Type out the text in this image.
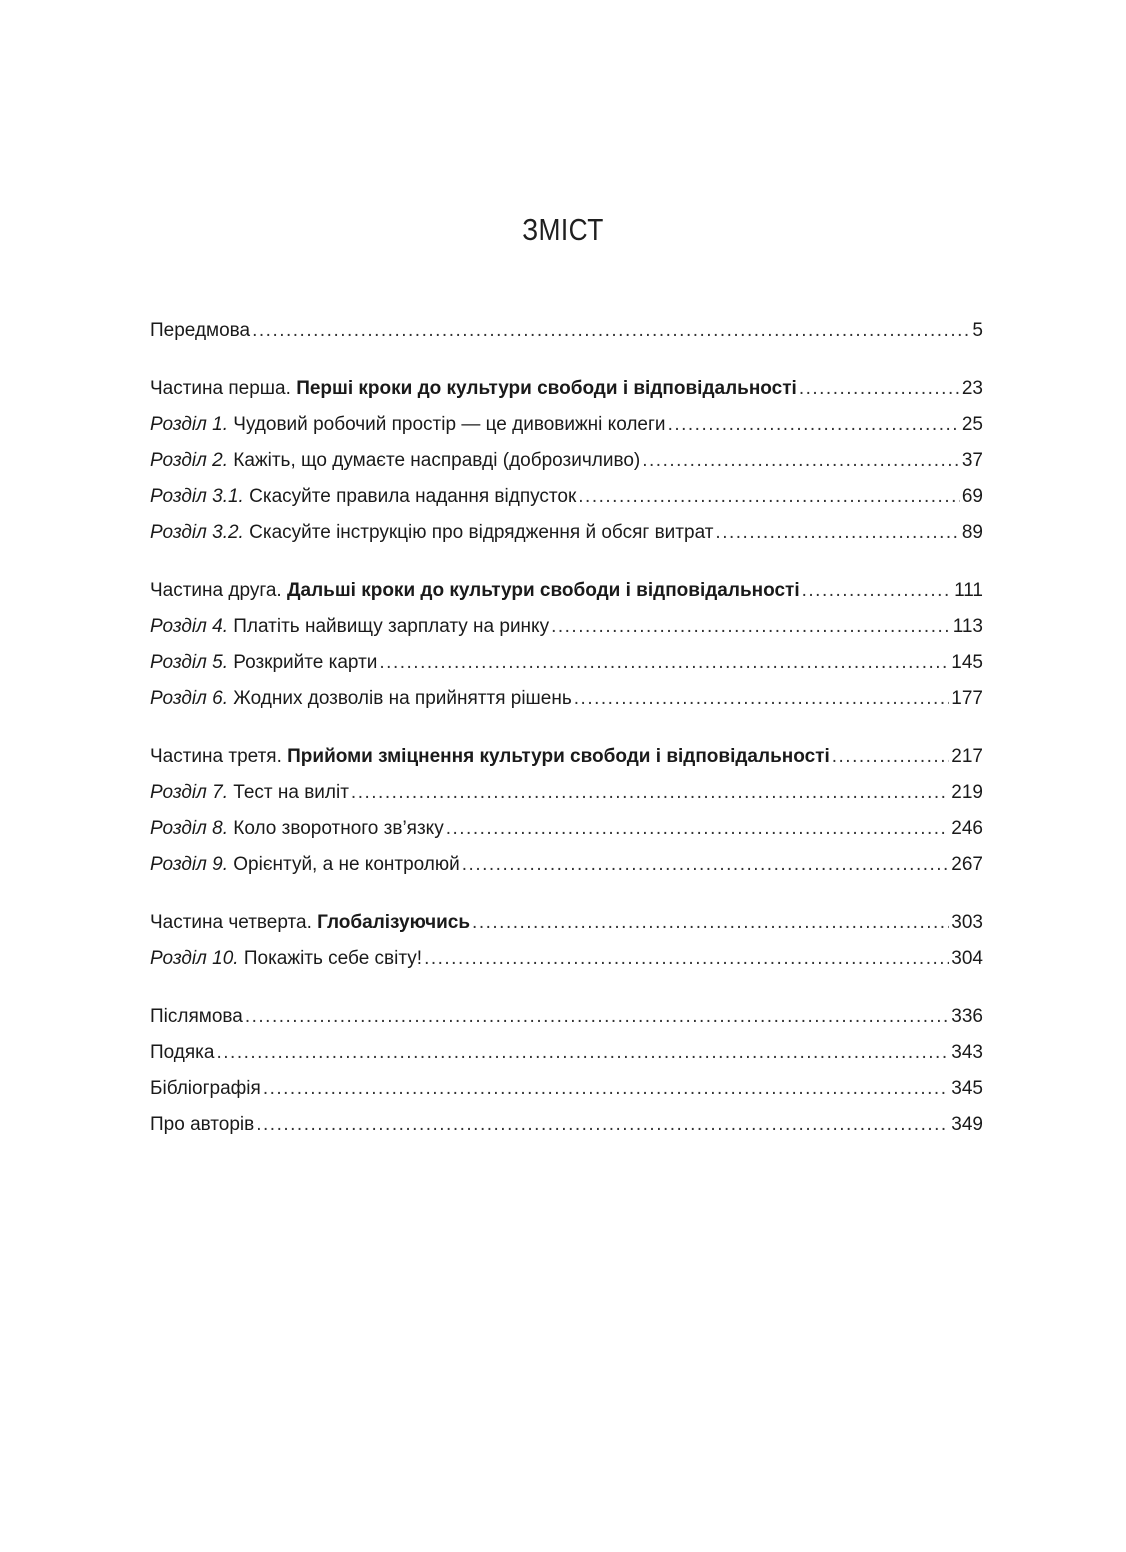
ЗМІСТ
Передмова .....	5
Частина перша. Перші кроки до культури свободи і відповідальності .....	23
Розділ 1. Чудовий робочий простір — це дивовижні колеги .....	25
Розділ 2. Кажіть, що думаєте насправді (доброзичливо) .....	37
Розділ 3.1. Скасуйте правила надання відпусток .....	69
Розділ 3.2. Скасуйте інструкцію про відрядження й обсяг витрат .....	89
Частина друга. Дальші кроки до культури свободи і відповідальності .....	111
Розділ 4. Платіть найвищу зарплату на ринку .....	113
Розділ 5. Розкрийте карти .....	145
Розділ 6. Жодних дозволів на прийняття рішень .....	177
Частина третя. Прийоми зміцнення культури свободи і відповідальності .....	217
Розділ 7. Тест на виліт .....	219
Розділ 8. Коло зворотного зв’язку .....	246
Розділ 9. Орієнтуй, а не контролюй .....	267
Частина четверта. Глобалізуючись .....	303
Розділ 10. Покажіть себе світу! .....	304
Післямова .....	336
Подяка .....	343
Бібліографія .....	345
Про авторів .....	349
